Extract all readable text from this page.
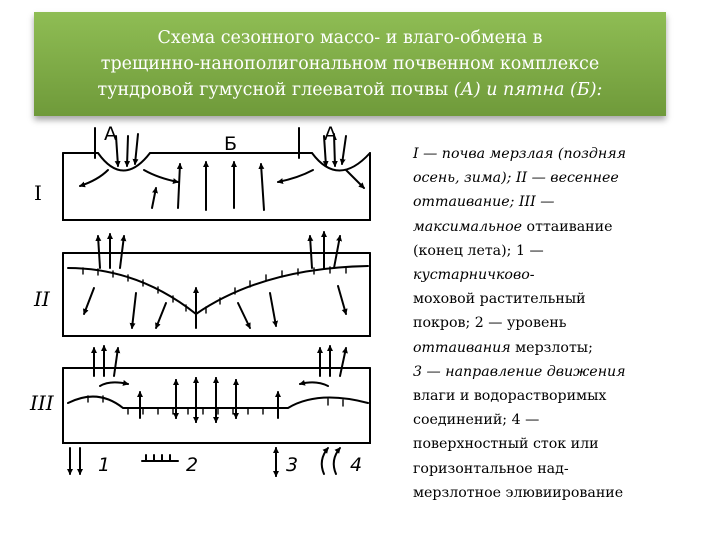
Схема сезонного массо- и влаго-обмена в
трещинно-нанополигональном почвенном комплексе
тундровой гумусной глееватой почвы (А) и пятна (Б):
А	Б	А
I
II
III
1	2	3	4
I — почва мерзлая (поздняя
осень, зима); II — весеннее
оттаивание; III —
максимальное оттаивание
(конец лета); 1 —
кустарничково-
моховой растительный
покров; 2 — уровень
оттаивания мерзлоты;
3 — направление движения
влаги и водорастворимых
соединений; 4 —
поверхностный сток или
горизонтальное над-
мерзлотное элювиирование
